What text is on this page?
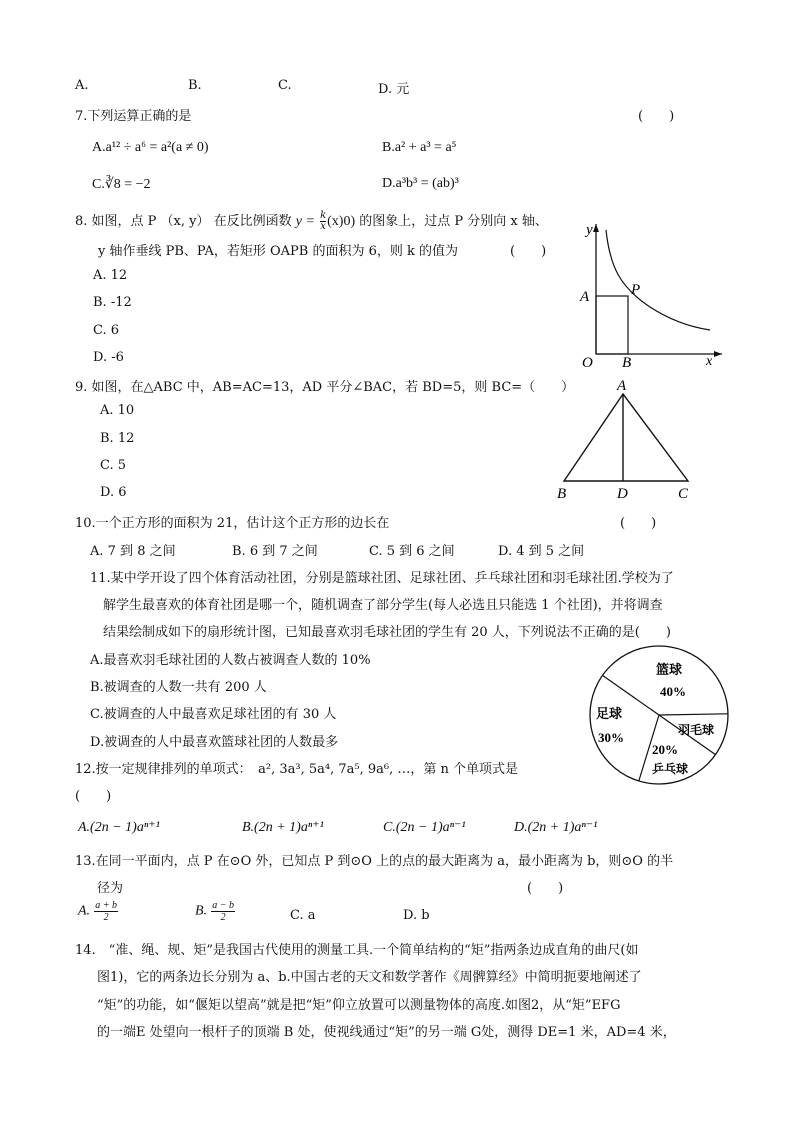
A.	B.	C.	D. 元
7.下列运算正确的是	(　　)
A.a¹² ÷ a⁶ = a²(a ≠ 0)	B.a² + a³ = a⁵
C.∛8 = −2	D.a³b³ = (ab)³
8. 如图，点 P （x, y） 在反比例函数 $y = \frac{k}{x} (x)0$) 的图象上，过点 P 分别向 x 轴、
y 轴作垂线 PB、PA，若矩形 OAPB 的面积为 6，则 k 的值为	(　　)
A. 12
B. -12
C. 6
D. -6
y
x
A	P
O B
9. 如图，在△ABC 中，AB=AC=13，AD 平分∠BAC，若 BD=5，则 BC=（　　）
A. 10
B. 12
C. 5
D. 6
A
B	D	C
10.一个正方形的面积为 21，估计这个正方形的边长在	(　　)
A. 7 到 8 之间	B. 6 到 7 之间	C. 5 到 6 之间	D. 4 到 5 之间
11.某中学开设了四个体育活动社团，分别是篮球社团、足球社团、乒乓球社团和羽毛球社团.学校为了
解学生最喜欢的体育社团是哪一个，随机调查了部分学生(每人必选且只能选 1 个社团)，并将调查
结果绘制成如下的扇形统计图，已知最喜欢羽毛球社团的学生有 20 人，下列说法不正确的是(　　)
A.最喜欢羽毛球社团的人数占被调查人数的 10%
B.被调查的人数一共有 200 人
C.被调查的人中最喜欢足球社团的有 30 人
D.被调查的人中最喜欢篮球社团的人数最多
篮球
40%
足球
30%	羽毛球
20%
乒乓球
12.按一定规律排列的单项式：　a², 3a³, 5a⁴, 7a⁵, 9a⁶, …，第 n 个单项式是
(　　)
A.(2n − 1)aⁿ⁺¹	B.(2n + 1)aⁿ⁺¹	C.(2n − 1)aⁿ⁻¹	D.(2n + 1)aⁿ⁻¹
13.在同一平面内，点 P 在⊙O 外，已知点 P 到⊙O 上的点的最大距离为 a，最小距离为 b，则⊙O 的半
径为	(　　)
A. $\frac{a + b}{2}$	B. $\frac{a - b}{2}$	C. a	D. b
14.　“准、绳、规、矩”是我国古代使用的测量工具.一个简单结构的“矩”指两条边成直角的曲尺(如
图1)，它的两条边长分别为 a、b.中国古老的天文和数学著作《周髀算经》中简明扼要地阐述了
“矩”的功能，如“偃矩以望高”就是把“矩”仰立放置可以测量物体的高度.如图2，从“矩”EFG
的一端E 处望向一根杆子的顶端 B 处，使视线通过“矩”的另一端 G处，测得 DE=1 米，AD=4 米，
